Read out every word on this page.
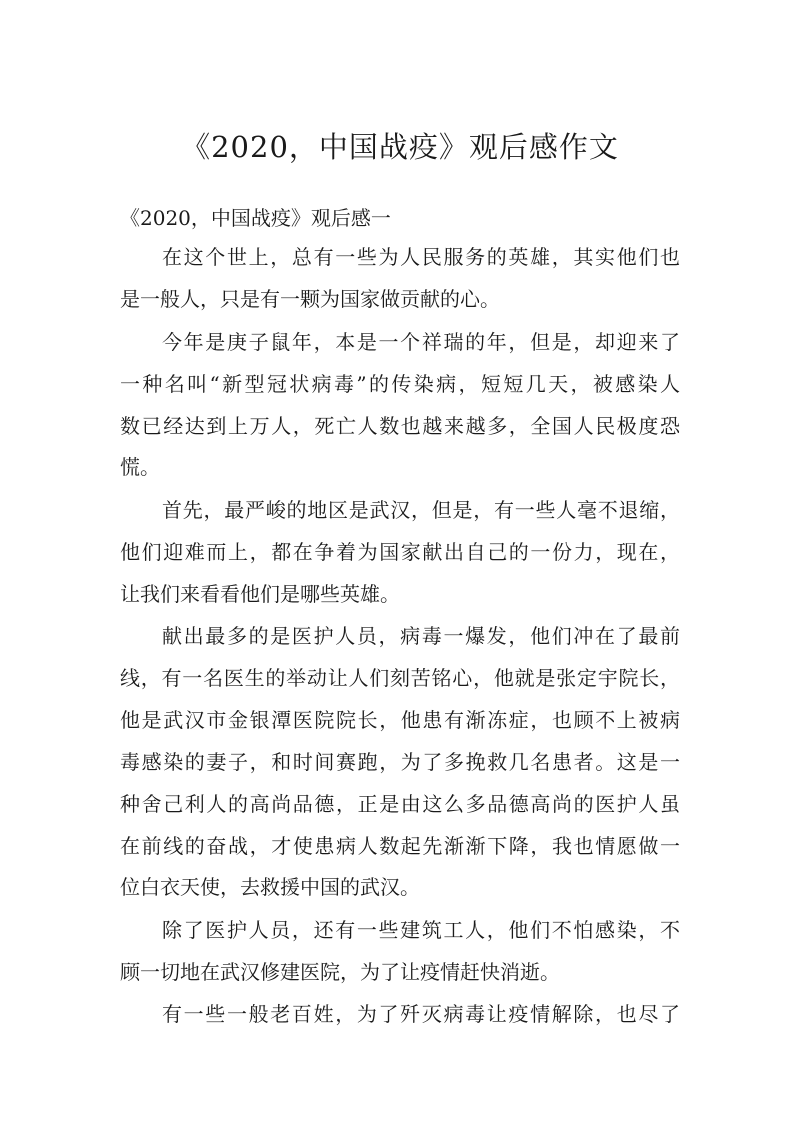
《2020，中国战疫》观后感作文
《2020，中国战疫》观后感一
在这个世上，总有一些为人民服务的英雄，其实他们也
是一般人，只是有一颗为国家做贡献的心。
今年是庚子鼠年，本是一个祥瑞的年，但是，却迎来了
一种名叫“新型冠状病毒”的传染病，短短几天，被感染人
数已经达到上万人，死亡人数也越来越多，全国人民极度恐
慌。
首先，最严峻的地区是武汉，但是，有一些人毫不退缩，
他们迎难而上，都在争着为国家献出自己的一份力，现在，
让我们来看看他们是哪些英雄。
献出最多的是医护人员，病毒一爆发，他们冲在了最前
线，有一名医生的举动让人们刻苦铭心，他就是张定宇院长，
他是武汉市金银潭医院院长，他患有渐冻症，也顾不上被病
毒感染的妻子，和时间赛跑，为了多挽救几名患者。这是一
种舍己利人的高尚品德，正是由这么多品德高尚的医护人虽
在前线的奋战，才使患病人数起先渐渐下降，我也情愿做一
位白衣天使，去救援中国的武汉。
除了医护人员，还有一些建筑工人，他们不怕感染，不
顾一切地在武汉修建医院，为了让疫情赶快消逝。
有一些一般老百姓，为了歼灭病毒让疫情解除，也尽了
